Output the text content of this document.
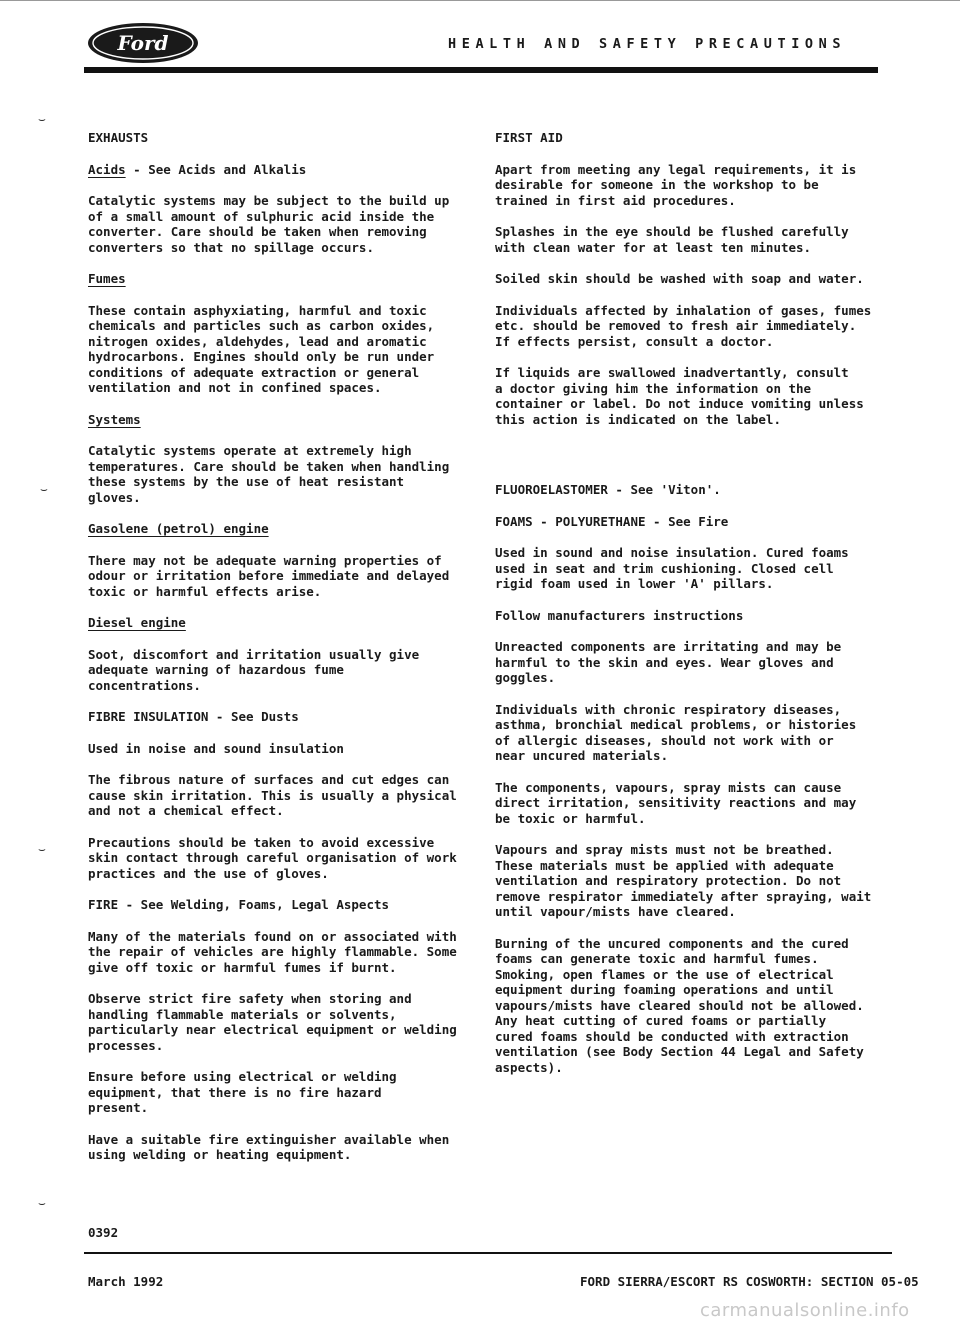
Ford	HEALTH AND SAFETY PRECAUTIONS
⌣
⌣
⌣
⌣
EXHAUSTS
Acids - See Acids and Alkalis

Catalytic systems may be subject to the build up
of a small amount of sulphuric acid inside the
converter. Care should be taken when removing
converters so that no spillage occurs.

Fumes

These contain asphyxiating, harmful and toxic
chemicals and particles such as carbon oxides,
nitrogen oxides, aldehydes, lead and aromatic
hydrocarbons. Engines should only be run under
conditions of adequate extraction or general
ventilation and not in confined spaces.

Systems

Catalytic systems operate at extremely high
temperatures. Care should be taken when handling
these systems by the use of heat resistant
gloves.

Gasolene (petrol) engine

There may not be adequate warning properties of
odour or irritation before immediate and delayed
toxic or harmful effects arise.

Diesel engine

Soot, discomfort and irritation usually give
adequate warning of hazardous fume
concentrations.

FIBRE INSULATION - See Dusts

Used in noise and sound insulation

The fibrous nature of surfaces and cut edges can
cause skin irritation. This is usually a physical
and not a chemical effect.

Precautions should be taken to avoid excessive
skin contact through careful organisation of work
practices and the use of gloves.

FIRE - See Welding, Foams, Legal Aspects

Many of the materials found on or associated with
the repair of vehicles are highly flammable. Some
give off toxic or harmful fumes if burnt.

Observe strict fire safety when storing and
handling flammable materials or solvents,
particularly near electrical equipment or welding
processes.

Ensure before using electrical or welding
equipment, that there is no fire hazard
present.

Have a suitable fire extinguisher available when
using welding or heating equipment.

FIRST AID

Apart from meeting any legal requirements, it is
desirable for someone in the workshop to be
trained in first aid procedures.

Splashes in the eye should be flushed carefully
with clean water for at least ten minutes.

Soiled skin should be washed with soap and water.

Individuals affected by inhalation of gases, fumes
etc. should be removed to fresh air immediately.
If effects persist, consult a doctor.

If liquids are swallowed inadvertantly, consult
a doctor giving him the information on the
container or label. Do not induce vomiting unless
this action is indicated on the label.

FLUOROELASTOMER - See 'Viton'.
FOAMS - POLYURETHANE - See Fire

Used in sound and noise insulation. Cured foams
used in seat and trim cushioning. Closed cell
rigid foam used in lower 'A' pillars.

Follow manufacturers instructions

Unreacted components are irritating and may be
harmful to the skin and eyes. Wear gloves and
goggles.

Individuals with chronic respiratory diseases,
asthma, bronchial medical problems, or histories
of allergic diseases, should not work with or
near uncured materials.

The components, vapours, spray mists can cause
direct irritation, sensitivity reactions and may
be toxic or harmful.

Vapours and spray mists must not be breathed.
These materials must be applied with adequate
ventilation and respiratory protection. Do not
remove respirator immediately after spraying, wait
until vapour/mists have cleared.

Burning of the uncured components and the cured
foams can generate toxic and harmful fumes.
Smoking, open flames or the use of electrical
equipment during foaming operations and until
vapours/mists have cleared should not be allowed.
Any heat cutting of cured foams or partially
cured foams should be conducted with extraction
ventilation (see Body Section 44 Legal and Safety
aspects).

0392
March 1992	FORD SIERRA/ESCORT RS COSWORTH: SECTION 05-05
carmanualsonline.info
